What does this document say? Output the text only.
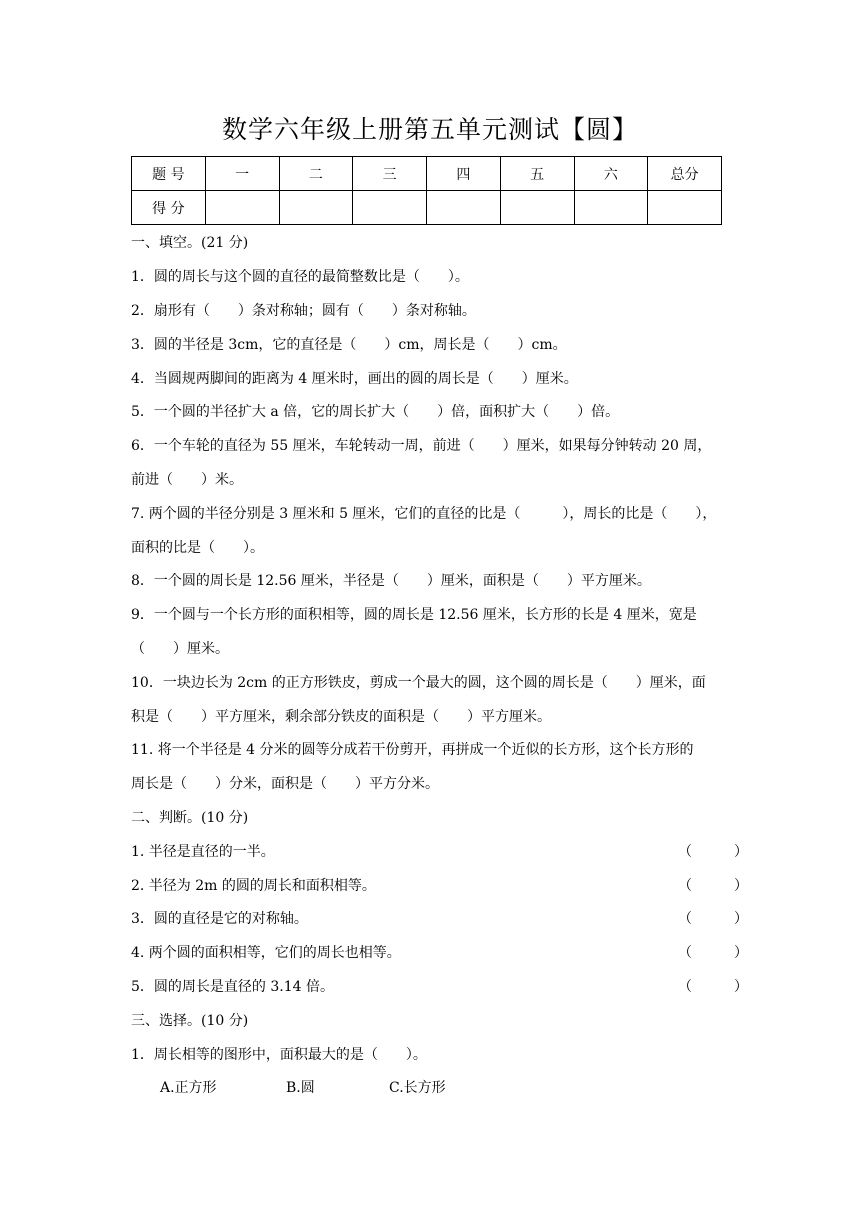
数学六年级上册第五单元测试【圆】
题 号	一	二	三	四	五	六	总分
得 分							
一、填空。(21 分)
1．圆的周长与这个圆的直径的最简整数比是（　　）。
2．扇形有（　　）条对称轴；圆有（　　）条对称轴。
3．圆的半径是 3cm，它的直径是（　　）cm，周长是（　　）cm。
4．当圆规两脚间的距离为 4 厘米时，画出的圆的周长是（　　）厘米。
5．一个圆的半径扩大 a 倍，它的周长扩大（　　）倍，面积扩大（　　）倍。
6．一个车轮的直径为 55 厘米，车轮转动一周，前进（　　）厘米，如果每分钟转动 20 周，
前进（　　）米。
7. 两个圆的半径分别是 3 厘米和 5 厘米，它们的直径的比是（　　　），周长的比是（　　），
面积的比是（　　）。
8．一个圆的周长是 12.56 厘米，半径是（　　）厘米，面积是（　　）平方厘米。
9．一个圆与一个长方形的面积相等，圆的周长是 12.56 厘米，长方形的长是 4 厘米，宽是
（　　）厘米。
10．一块边长为 2cm 的正方形铁皮，剪成一个最大的圆，这个圆的周长是（　　）厘米，面
积是（　　）平方厘米，剩余部分铁皮的面积是（　　）平方厘米。
11. 将一个半径是 4 分米的圆等分成若干份剪开，再拼成一个近似的长方形，这个长方形的
周长是（　　）分米，面积是（　　）平方分米。
二、判断。(10 分)
1. 半径是直径的一半。	（　　　）
2. 半径为 2m 的圆的周长和面积相等。	（　　　）
3．圆的直径是它的对称轴。	（　　　）
4. 两个圆的面积相等，它们的周长也相等。	（　　　）
5．圆的周长是直径的 3.14 倍。	（　　　）
三、选择。(10 分)
1．周长相等的图形中，面积最大的是（　　）。
A.正方形	B.圆	C.长方形
